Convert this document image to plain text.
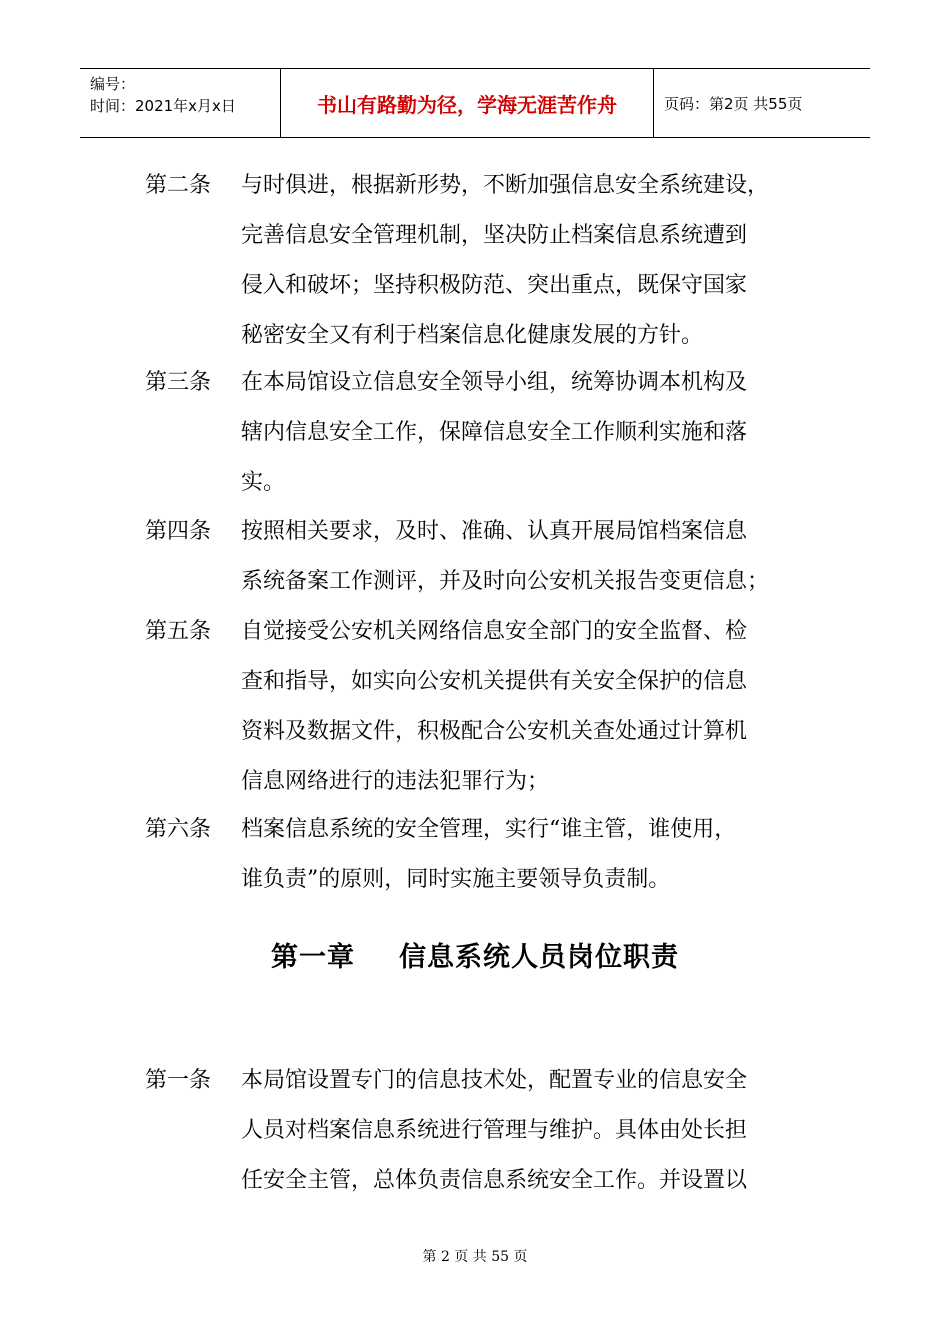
编号：
时间：2021年x月x日	书山有路勤为径，学海无涯苦作舟	页码：第2页 共55页
第二条 与时俱进，根据新形势，不断加强信息安全系统建设，
完善信息安全管理机制，坚决防止档案信息系统遭到
侵入和破坏；坚持积极防范、突出重点，既保守国家
秘密安全又有利于档案信息化健康发展的方针。
第三条 在本局馆设立信息安全领导小组，统筹协调本机构及
辖内信息安全工作，保障信息安全工作顺利实施和落
实。
第四条 按照相关要求，及时、准确、认真开展局馆档案信息
系统备案工作测评，并及时向公安机关报告变更信息；
第五条 自觉接受公安机关网络信息安全部门的安全监督、检
查和指导，如实向公安机关提供有关安全保护的信息
资料及数据文件，积极配合公安机关查处通过计算机
信息网络进行的违法犯罪行为；
第六条 档案信息系统的安全管理，实行“谁主管，谁使用，
谁负责”的原则，同时实施主要领导负责制。
第一章 信息系统人员岗位职责
第一条 本局馆设置专门的信息技术处，配置专业的信息安全
人员对档案信息系统进行管理与维护。具体由处长担
任安全主管，总体负责信息系统安全工作。并设置以
第 2 页 共 55 页
